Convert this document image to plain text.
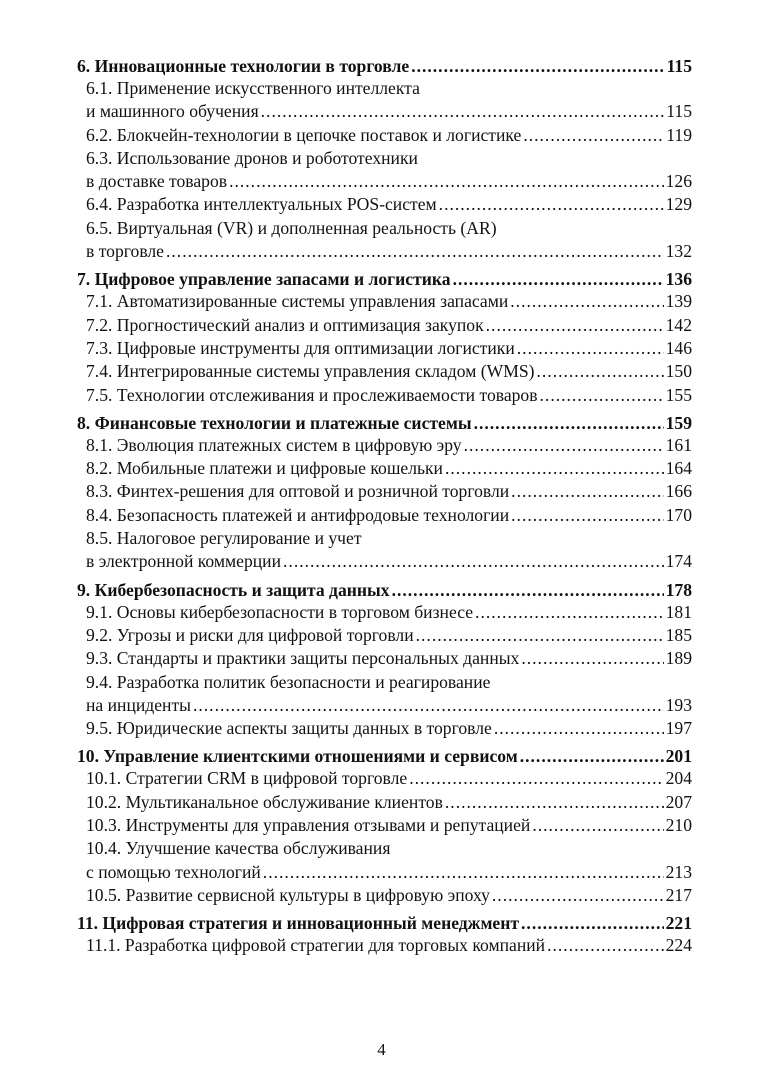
6. Инновационные технологии в торговле .....	115
6.1. Применение искусственного интеллекта
и машинного обучения .....	115
6.2. Блокчейн-технологии в цепочке поставок и логистике .....	119
6.3. Использование дронов и робототехники
в доставке товаров .....	126
6.4. Разработка интеллектуальных POS-систем .....	129
6.5. Виртуальная (VR) и дополненная реальность (AR)
в торговле .....	132
7. Цифровое управление запасами и логистика .....	136
7.1. Автоматизированные системы управления запасами .....	139
7.2. Прогностический анализ и оптимизация закупок .....	142
7.3. Цифровые инструменты для оптимизации логистики .....	146
7.4. Интегрированные системы управления складом (WMS) .....	150
7.5. Технологии отслеживания и прослеживаемости товаров .....	155
8. Финансовые технологии и платежные системы .....	159
8.1. Эволюция платежных систем в цифровую эру .....	161
8.2. Мобильные платежи и цифровые кошельки .....	164
8.3. Финтех-решения для оптовой и розничной торговли .....	166
8.4. Безопасность платежей и антифродовые технологии .....	170
8.5. Налоговое регулирование и учет
в электронной коммерции .....	174
9. Кибербезопасность и защита данных .....	178
9.1. Основы кибербезопасности в торговом бизнесе .....	181
9.2. Угрозы и риски для цифровой торговли .....	185
9.3. Стандарты и практики защиты персональных данных .....	189
9.4. Разработка политик безопасности и реагирование
на инциденты .....	193
9.5. Юридические аспекты защиты данных в торговле .....	197
10. Управление клиентскими отношениями и сервисом .....	201
10.1. Стратегии CRM в цифровой торговле .....	204
10.2. Мультиканальное обслуживание клиентов .....	207
10.3. Инструменты для управления отзывами и репутацией .....	210
10.4. Улучшение качества обслуживания
с помощью технологий .....	213
10.5. Развитие сервисной культуры в цифровую эпоху .....	217
11. Цифровая стратегия и инновационный менеджмент .....	221
11.1. Разработка цифровой стратегии для торговых компаний .....	224
4
